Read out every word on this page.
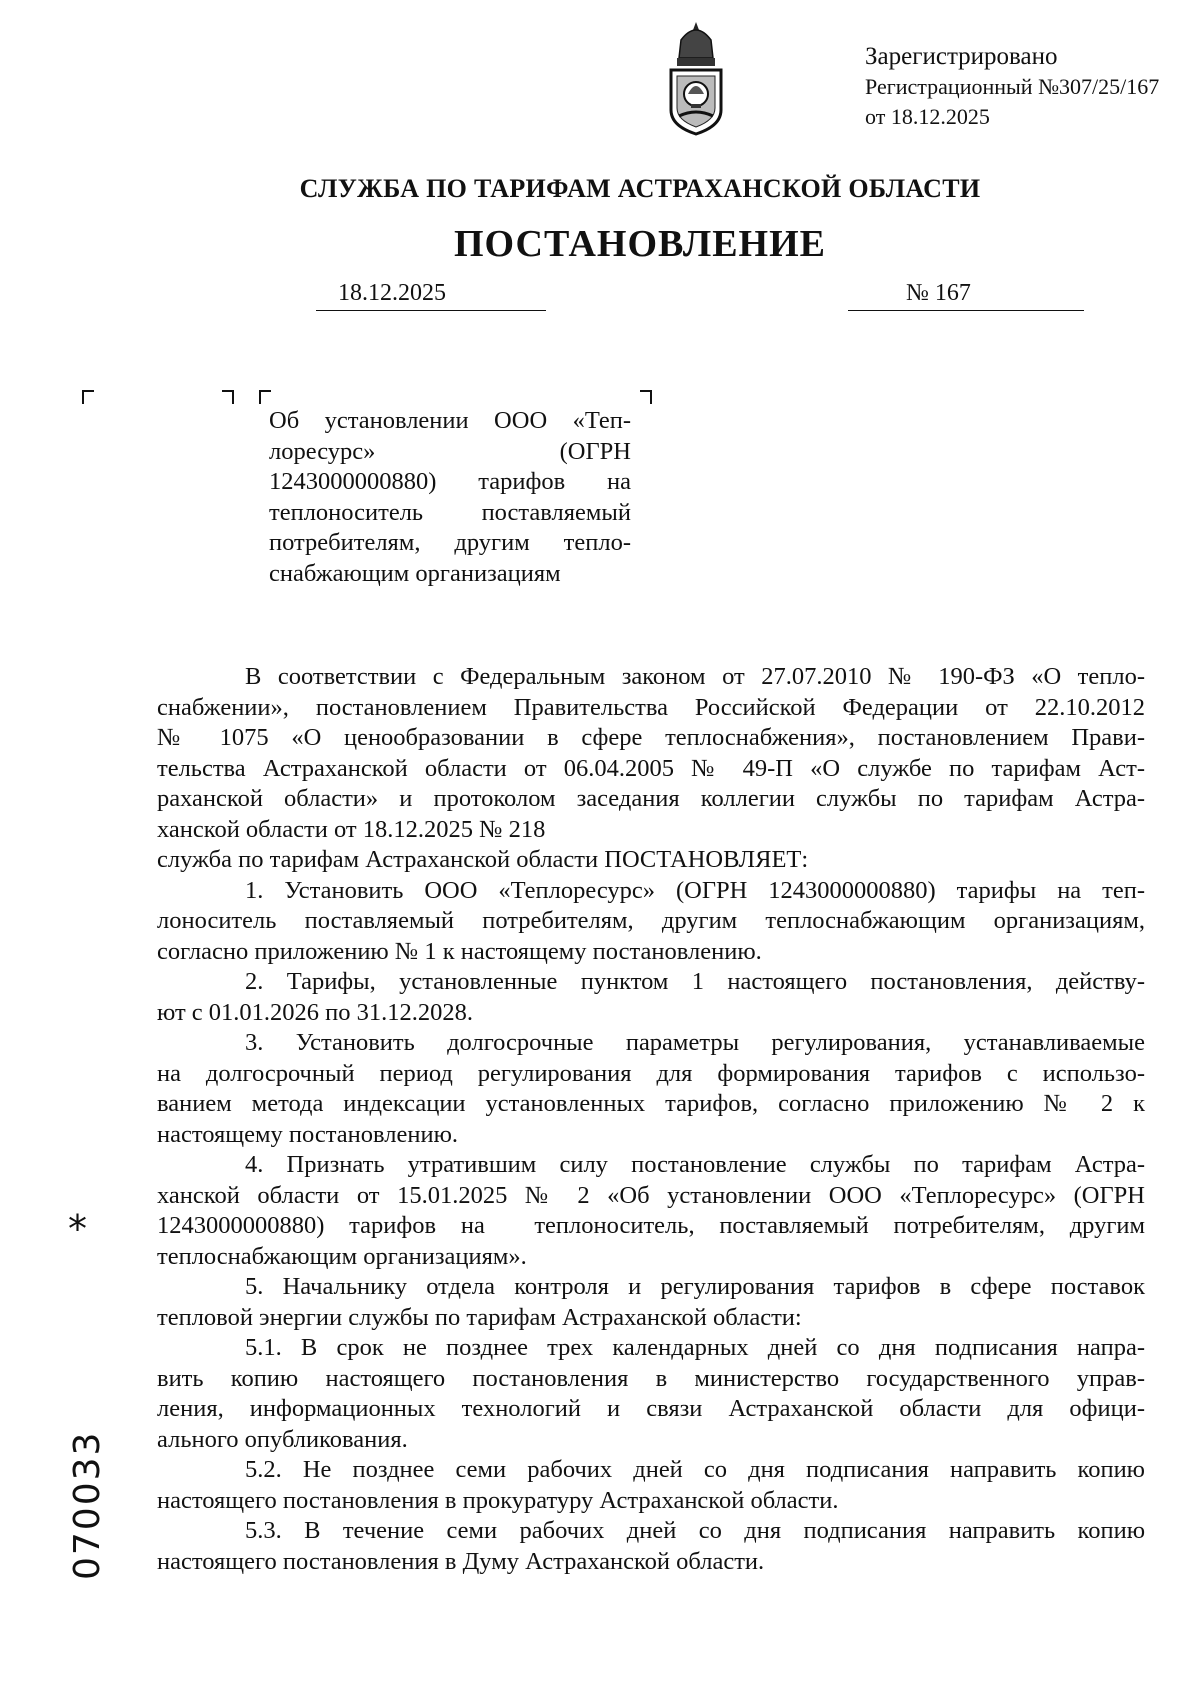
Зарегистрировано
Регистрационный №307/25/167
от 18.12.2025
СЛУЖБА ПО ТАРИФАМ АСТРАХАНСКОЙ ОБЛАСТИ
ПОСТАНОВЛЕНИЕ
18.12.2025	№ 167
Об установлении ООО «Теп-
лоресурс»                  (ОГРН
1243000000880)  тарифов  на
теплоноситель поставляемый
потребителям, другим тепло-
снабжающим организациям
В соответствии с Федеральным законом от 27.07.2010 № 190-ФЗ «О тепло-
снабжении», постановлением Правительства Российской Федерации от 22.10.2012
№ 1075 «О ценообразовании в сфере теплоснабжения», постановлением Прави-
тельства Астраханской области от 06.04.2005 № 49-П «О службе по тарифам Аст-
раханской области» и протоколом заседания коллегии службы по тарифам Астра-
ханской области от 18.12.2025 № 218
служба по тарифам Астраханской области ПОСТАНОВЛЯЕТ:
1. Установить ООО «Теплоресурс» (ОГРН 1243000000880) тарифы на теп-
лоноситель поставляемый потребителям, другим теплоснабжающим организациям,
согласно приложению № 1 к настоящему постановлению.
2. Тарифы, установленные пунктом 1 настоящего постановления, действу-
ют с 01.01.2026 по 31.12.2028.
3. Установить долгосрочные параметры регулирования, устанавливаемые
на долгосрочный период регулирования для формирования тарифов с использо-
ванием метода индексации установленных тарифов, согласно приложению № 2 к
настоящему постановлению.
4. Признать утратившим силу постановление службы по тарифам Астра-
ханской области от 15.01.2025 № 2 «Об установлении ООО «Теплоресурс» (ОГРН
1243000000880) тарифов на  теплоноситель, поставляемый потребителям, другим
теплоснабжающим организациям».
5. Начальнику отдела контроля и регулирования тарифов в сфере поставок
тепловой энергии службы по тарифам Астраханской области:
5.1. В срок не позднее трех календарных дней со дня подписания напра-
вить копию настоящего постановления в министерство государственного управ-
ления, информационных технологий и связи Астраханской области для офици-
ального опубликования.
5.2. Не позднее семи рабочих дней со дня подписания направить копию
настоящего постановления в прокуратуру Астраханской области.
5.3. В течение семи рабочих дней со дня подписания направить копию
настоящего постановления в Думу Астраханской области.
*
070033
